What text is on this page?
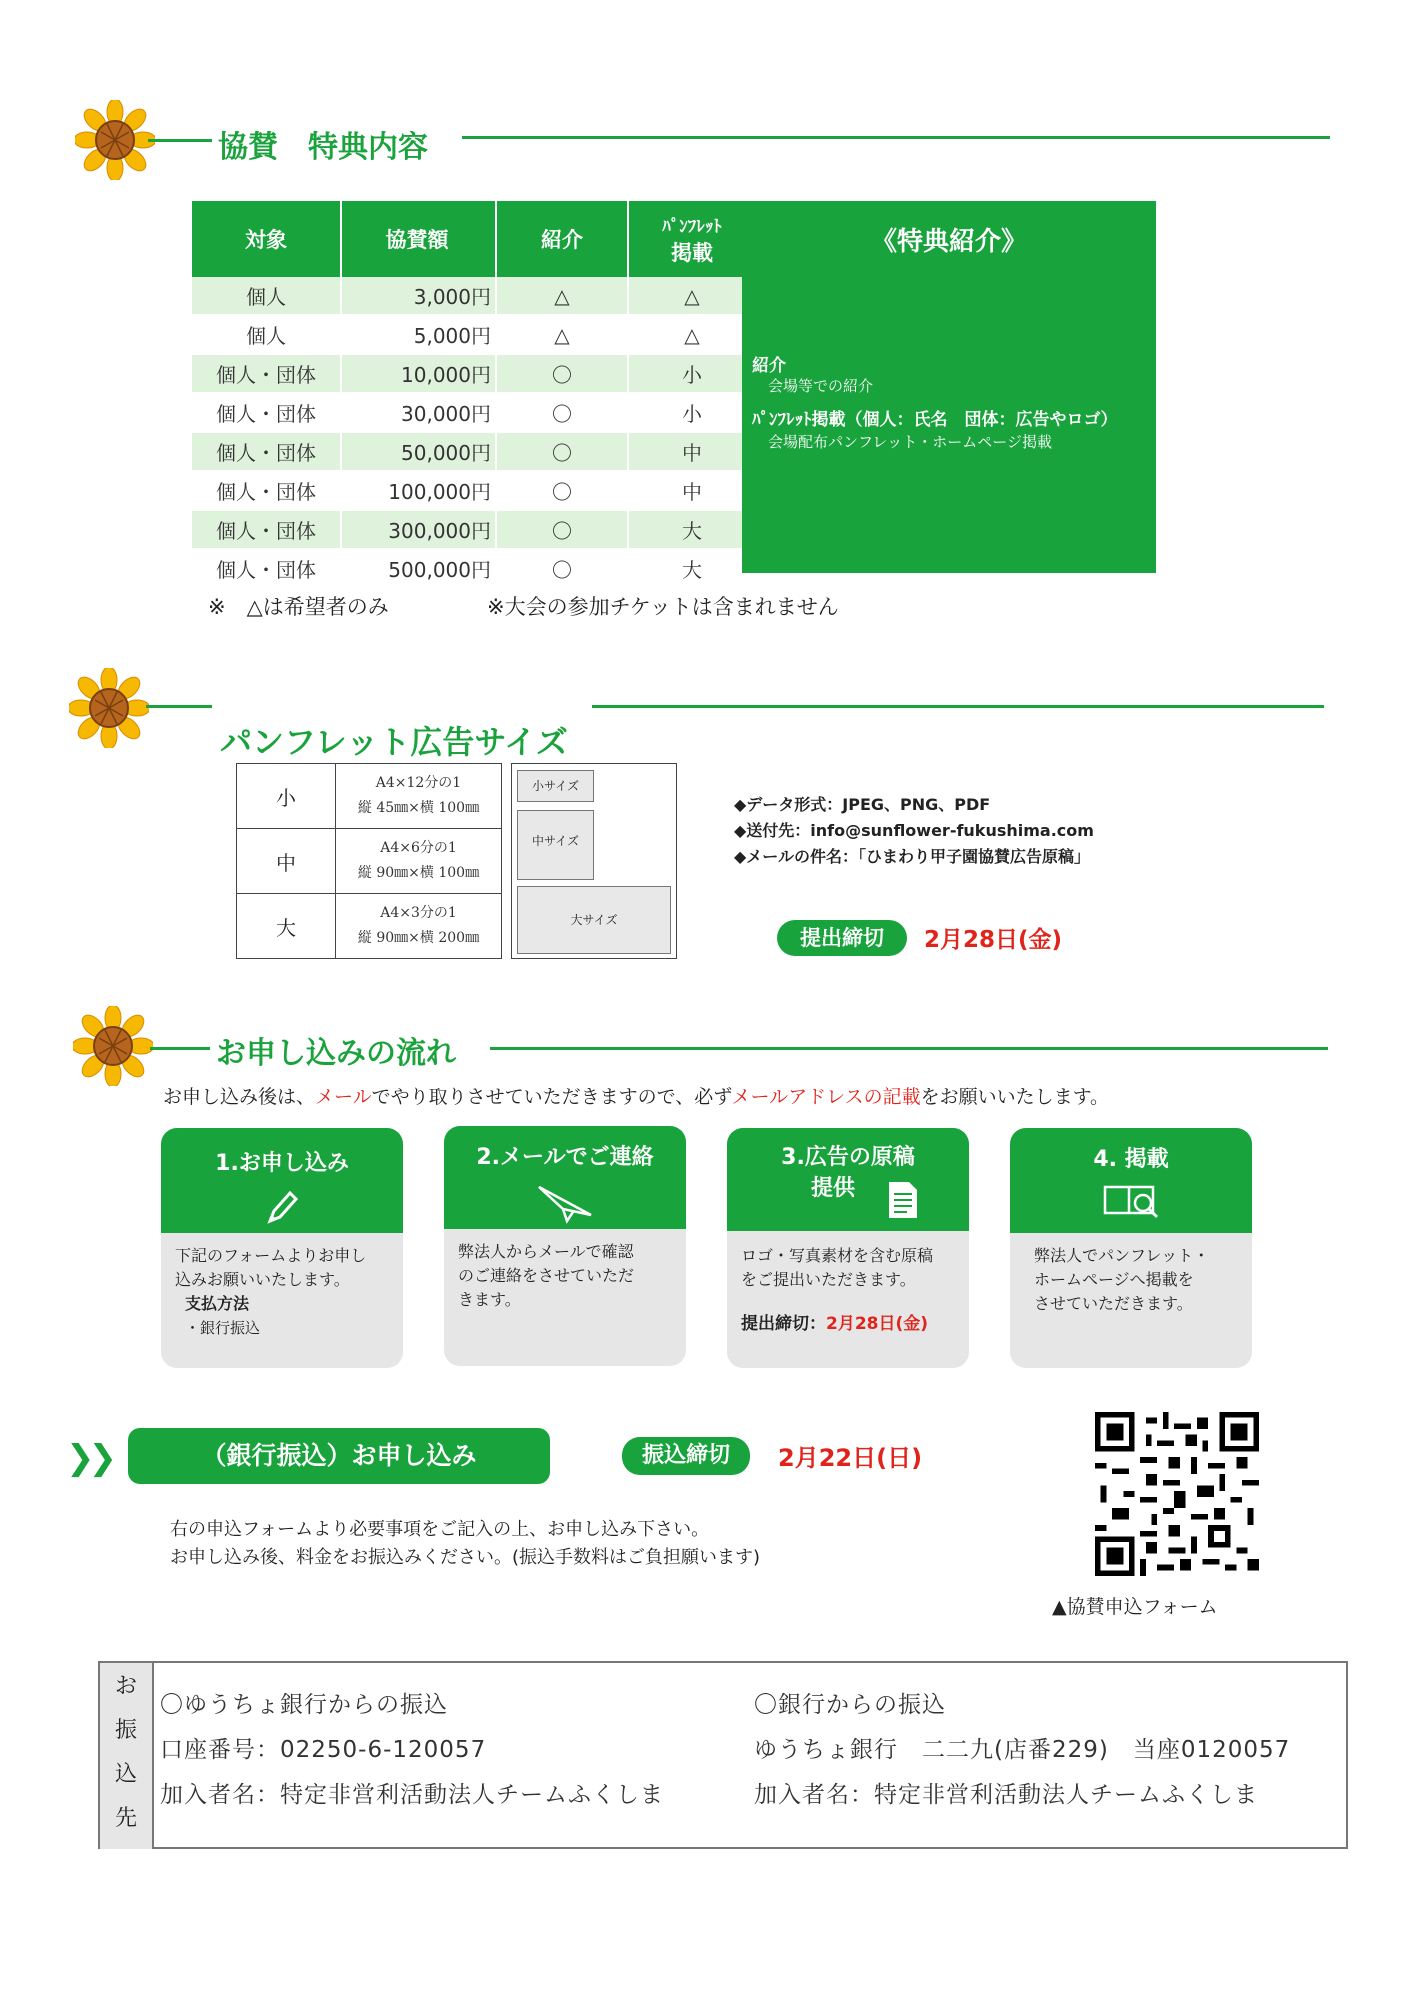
協賛　特典内容
対象	協賛額	紹介	ﾊﾟﾝﾌﾚｯﾄ
掲載

個人	3,000円	△	△
個人	5,000円	△	△
個人・団体	10,000円	〇	小
個人・団体	30,000円	〇	小
個人・団体	50,000円	〇	中
個人・団体	100,000円	〇	中
個人・団体	300,000円	〇	大
個人・団体	500,000円	〇	大
《特典紹介》
紹介
会場等での紹介
ﾊﾟﾝﾌﾚｯﾄ掲載（個人：氏名　団体：広告やロゴ）
会場配布パンフレット・ホームページ掲載
※　△は希望者のみ	※大会の参加チケットは含まれません
パンフレット広告サイズ
小	A4×12分の1
縦 45㎜×横 100㎜

中	A4×6分の1
縦 90㎜×横 100㎜

大	A4×3分の1
縦 90㎜×横 200㎜
小サイズ
中サイズ
大サイズ
◆データ形式：JPEG、PNG、PDF
◆送付先：info@sunflower-fukushima.com
◆メールの件名：「ひまわり甲子園協賛広告原稿」
提出締切	2月28日(金)
お申し込みの流れ
お申し込み後は、メールでやり取りさせていただきますので、必ずメールアドレスの記載をお願いいたします。
1.お申し込み
下記のフォームよりお申し
込みお願いいたします。
支払方法
・銀行振込
2.メールでご連絡
弊法人からメールで確認
のご連絡をさせていただ
きます。
3.広告の原稿
提供
ロゴ・写真素材を含む原稿
をご提出いただきます。
提出締切：2月28日(金)
4. 掲載
弊法人でパンフレット・
ホームページへ掲載を
させていただきます。
❯❯	（銀行振込）お申し込み	振込締切	2月22日(日)
右の申込フォームより必要事項をご記入の上、お申し込み下さい。
お申し込み後、料金をお振込みください。(振込手数料はご負担願います)
▲協賛申込フォーム
お
振
込
先
〇ゆうちょ銀行からの振込
口座番号：02250-6-120057
加入者名：特定非営利活動法人チームふくしま
〇銀行からの振込
ゆうちょ銀行　二二九(店番229)　当座0120057
加入者名：特定非営利活動法人チームふくしま
